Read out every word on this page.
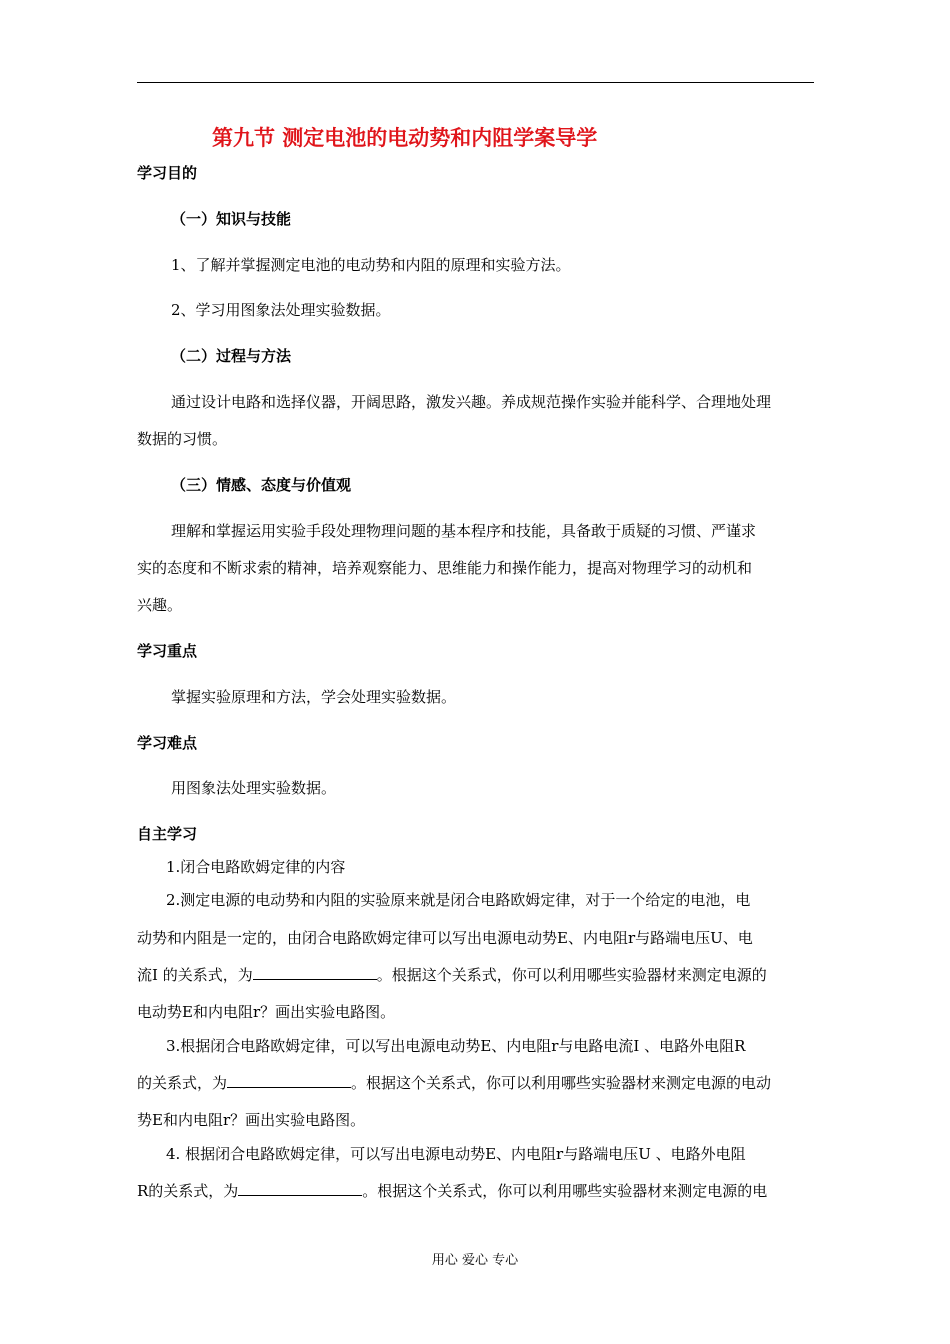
第九节 测定电池的电动势和内阻学案导学
学习目的
（一）知识与技能
1、了解并掌握测定电池的电动势和内阻的原理和实验方法。
2、学习用图象法处理实验数据。
（二）过程与方法
通过设计电路和选择仪器，开阔思路，激发兴趣。养成规范操作实验并能科学、合理地处理
数据的习惯。
（三）情感、态度与价值观
理解和掌握运用实验手段处理物理问题的基本程序和技能，具备敢于质疑的习惯、严谨求
实的态度和不断求索的精神，培养观察能力、思维能力和操作能力，提高对物理学习的动机和
兴趣。
学习重点
掌握实验原理和方法，学会处理实验数据。
学习难点
用图象法处理实验数据。
自主学习
1.闭合电路欧姆定律的内容
2.测定电源的电动势和内阻的实验原来就是闭合电路欧姆定律，对于一个给定的电池，电
动势和内阻是一定的，由闭合电路欧姆定律可以写出电源电动势E、内电阻r与路端电压U、电
流I 的关系式，为	。根据这个关系式，你可以利用哪些实验器材来测定电源的
电动势E和内电阻r？画出实验电路图。
3.根据闭合电路欧姆定律，可以写出电源电动势E、内电阻r与电路电流I 、电路外电阻R
的关系式，为	。根据这个关系式，你可以利用哪些实验器材来测定电源的电动
势E和内电阻r？画出实验电路图。
4. 根据闭合电路欧姆定律，可以写出电源电动势E、内电阻r与路端电压U 、电路外电阻
R的关系式，为	。根据这个关系式，你可以利用哪些实验器材来测定电源的电
用心 爱心 专心
